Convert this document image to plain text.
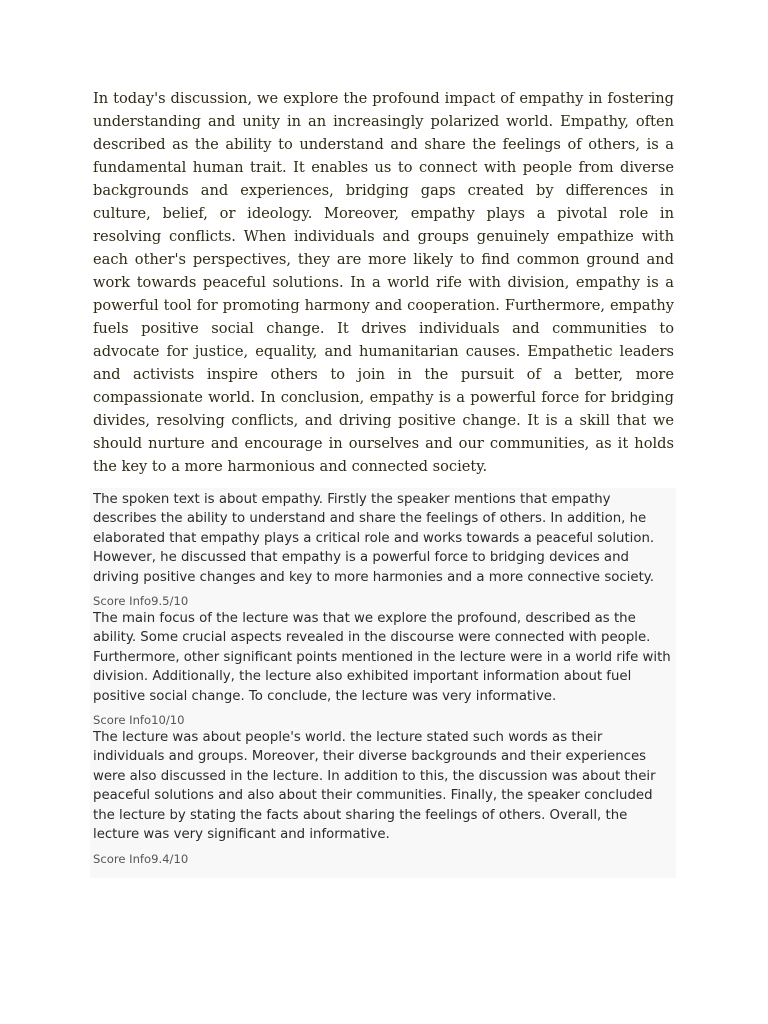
In today's discussion, we explore the profound impact of empathy in fostering understanding and unity in an increasingly polarized world. Empathy, often described as the ability to understand and share the feelings of others, is a fundamental human trait. It enables us to connect with people from diverse backgrounds and experiences, bridging gaps created by differences in culture, belief, or ideology. Moreover, empathy plays a pivotal role in resolving conflicts. When individuals and groups genuinely empathize with each other's perspectives, they are more likely to find common ground and work towards peaceful solutions. In a world rife with division, empathy is a powerful tool for promoting harmony and cooperation. Furthermore, empathy fuels positive social change. It drives individuals and communities to advocate for justice, equality, and humanitarian causes. Empathetic leaders and activists inspire others to join in the pursuit of a better, more compassionate world. In conclusion, empathy is a powerful force for bridging divides, resolving conflicts, and driving positive change. It is a skill that we should nurture and encourage in ourselves and our communities, as it holds the key to a more harmonious and connected society.

The spoken text is about empathy. Firstly the speaker mentions that empathy describes the ability to understand and share the feelings of others. In addition, he elaborated that empathy plays a critical role and works towards a peaceful solution. However, he discussed that empathy is a powerful force to bridging devices and driving positive changes and key to more harmonies and a more connective society.

Score Info9.5/10

The main focus of the lecture was that we explore the profound, described as the ability. Some crucial aspects revealed in the discourse were connected with people. Furthermore, other significant points mentioned in the lecture were in a world rife with division. Additionally, the lecture also exhibited important information about fuel positive social change. To conclude, the lecture was very informative.

Score Info10/10

The lecture was about people's world. the lecture stated such words as their individuals and groups. Moreover, their diverse backgrounds and their experiences were also discussed in the lecture. In addition to this, the discussion was about their peaceful solutions and also about their communities. Finally, the speaker concluded the lecture by stating the facts about sharing the feelings of others. Overall, the lecture was very significant and informative.

Score Info9.4/10
